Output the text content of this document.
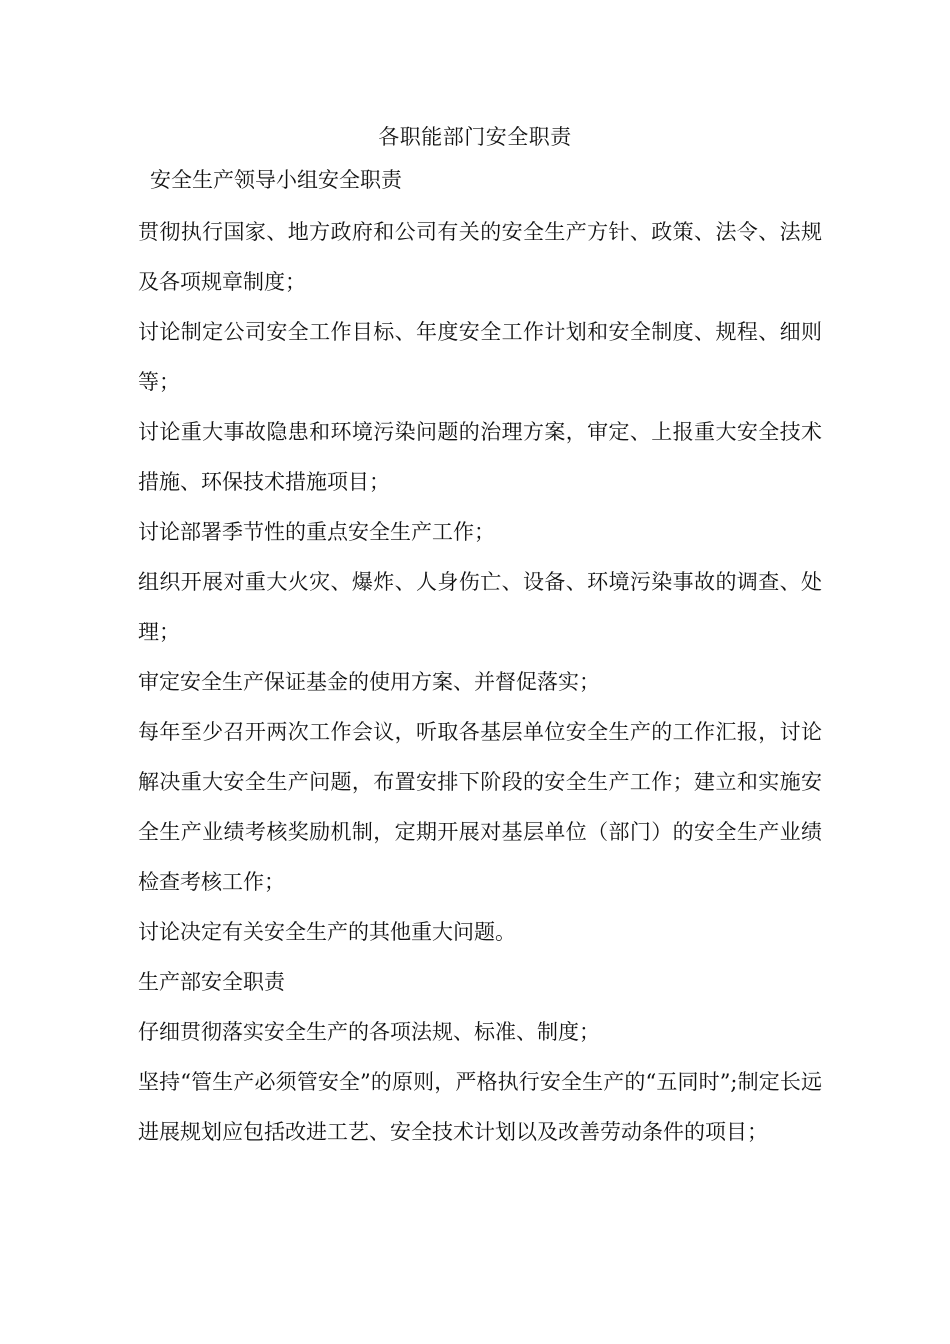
各职能部门安全职责
安全生产领导小组安全职责

贯彻执行国家、地方政府和公司有关的安全生产方针、政策、法令、法规及各项规章制度；

讨论制定公司安全工作目标、年度安全工作计划和安全制度、规程、细则等；

讨论重大事故隐患和环境污染问题的治理方案，审定、上报重大安全技术措施、环保技术措施项目；

讨论部署季节性的重点安全生产工作；

组织开展对重大火灾、爆炸、人身伤亡、设备、环境污染事故的调查、处理；

审定安全生产保证基金的使用方案、并督促落实；

每年至少召开两次工作会议，听取各基层单位安全生产的工作汇报，讨论解决重大安全生产问题，布置安排下阶段的安全生产工作；建立和实施安全生产业绩考核奖励机制，定期开展对基层单位（部门）的安全生产业绩检查考核工作；

讨论决定有关安全生产的其他重大问题。

生产部安全职责

仔细贯彻落实安全生产的各项法规、标准、制度；

坚持“管生产必须管安全”的原则，严格执行安全生产的“五同时”;制定长远进展规划应包括改进工艺、安全技术计划以及改善劳动条件的项目；
